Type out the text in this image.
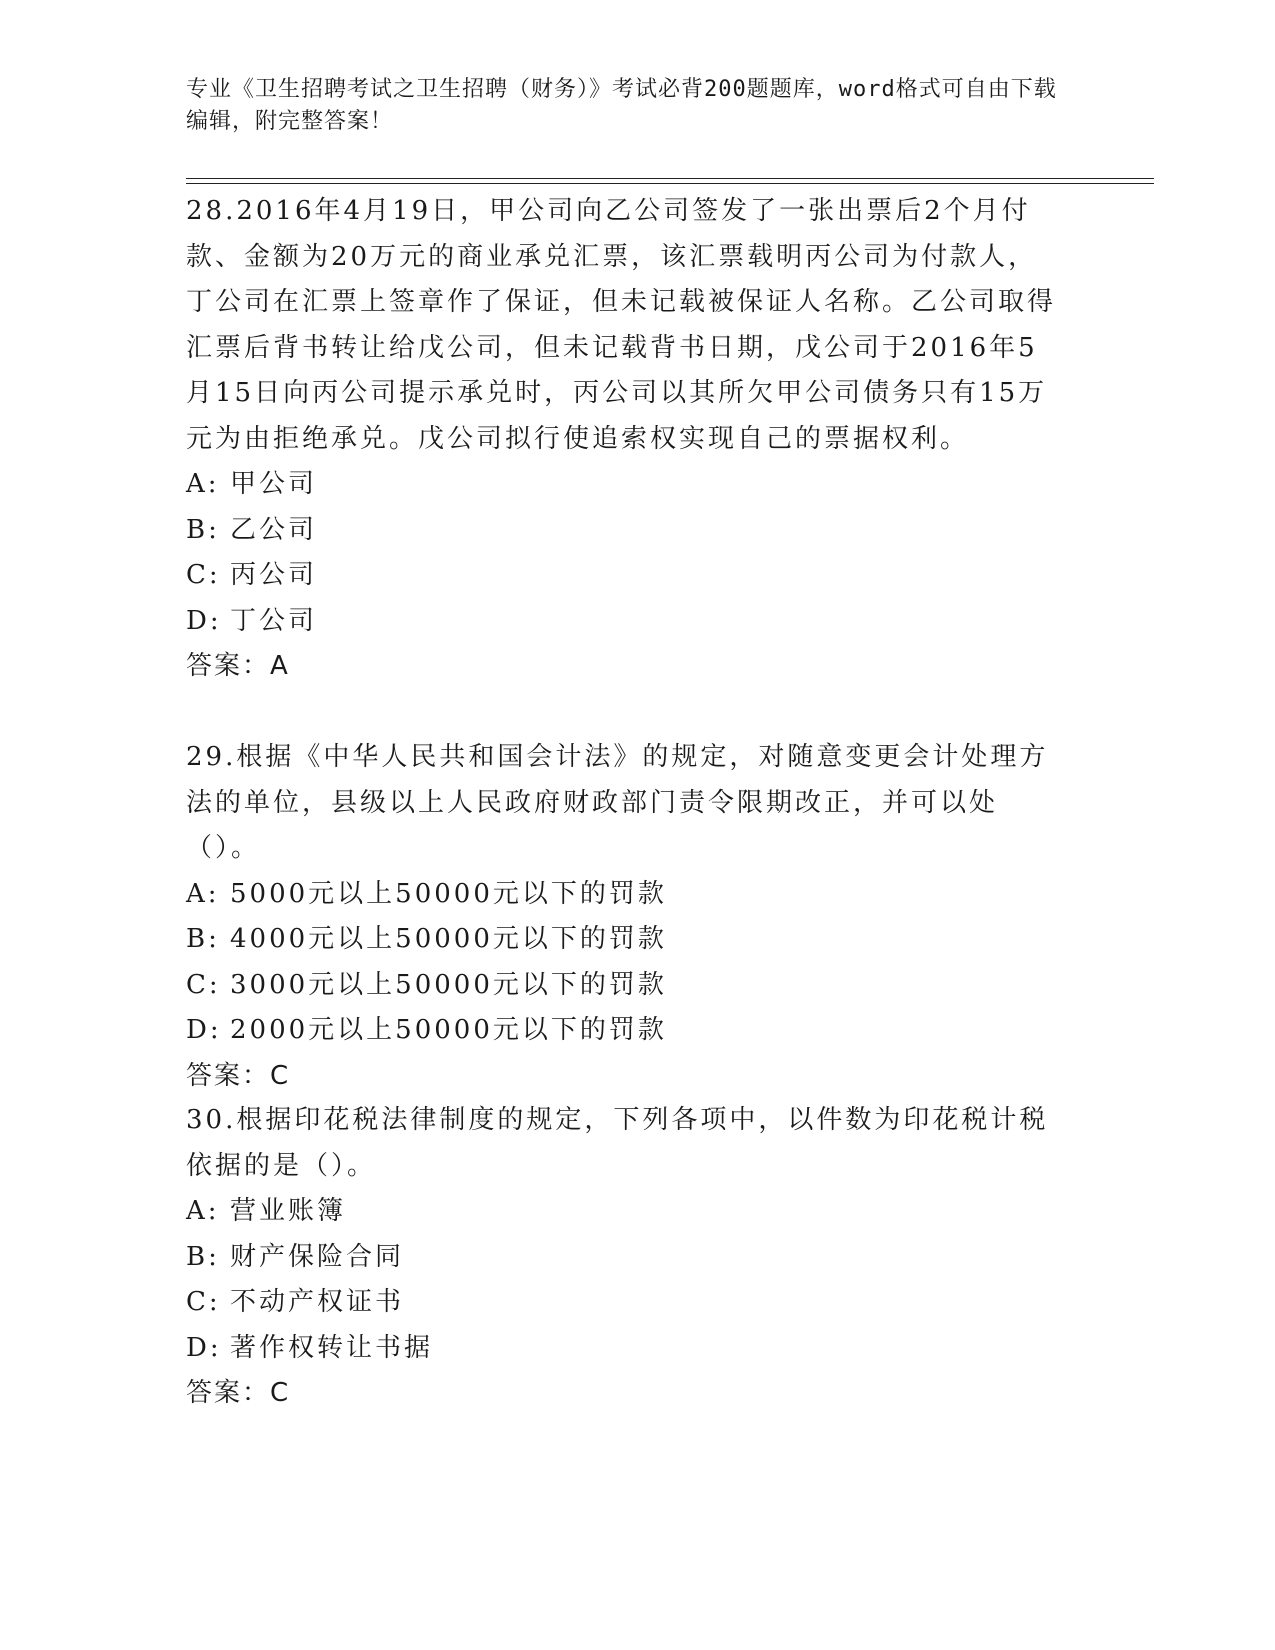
专业《卫生招聘考试之卫生招聘（财务）》考试必背200题题库，word格式可自由下载编辑，附完整答案！

28.2016年4月19日，甲公司向乙公司签发了一张出票后2个月付款、金额为20万元的商业承兑汇票，该汇票载明丙公司为付款人，丁公司在汇票上签章作了保证，但未记载被保证人名称。乙公司取得汇票后背书转让给戊公司，但未记载背书日期，戊公司于2016年5月15日向丙公司提示承兑时，丙公司以其所欠甲公司债务只有15万元为由拒绝承兑。戊公司拟行使追索权实现自己的票据权利。

A: 甲公司

B: 乙公司

C: 丙公司

D: 丁公司

答案：A

29.根据《中华人民共和国会计法》的规定，对随意变更会计处理方法的单位，县级以上人民政府财政部门责令限期改正，并可以处（）。

A: 5000元以上50000元以下的罚款

B: 4000元以上50000元以下的罚款

C: 3000元以上50000元以下的罚款

D: 2000元以上50000元以下的罚款

答案：C

30.根据印花税法律制度的规定，下列各项中，以件数为印花税计税依据的是（）。

A: 营业账簿

B: 财产保险合同

C: 不动产权证书

D: 著作权转让书据

答案：C
